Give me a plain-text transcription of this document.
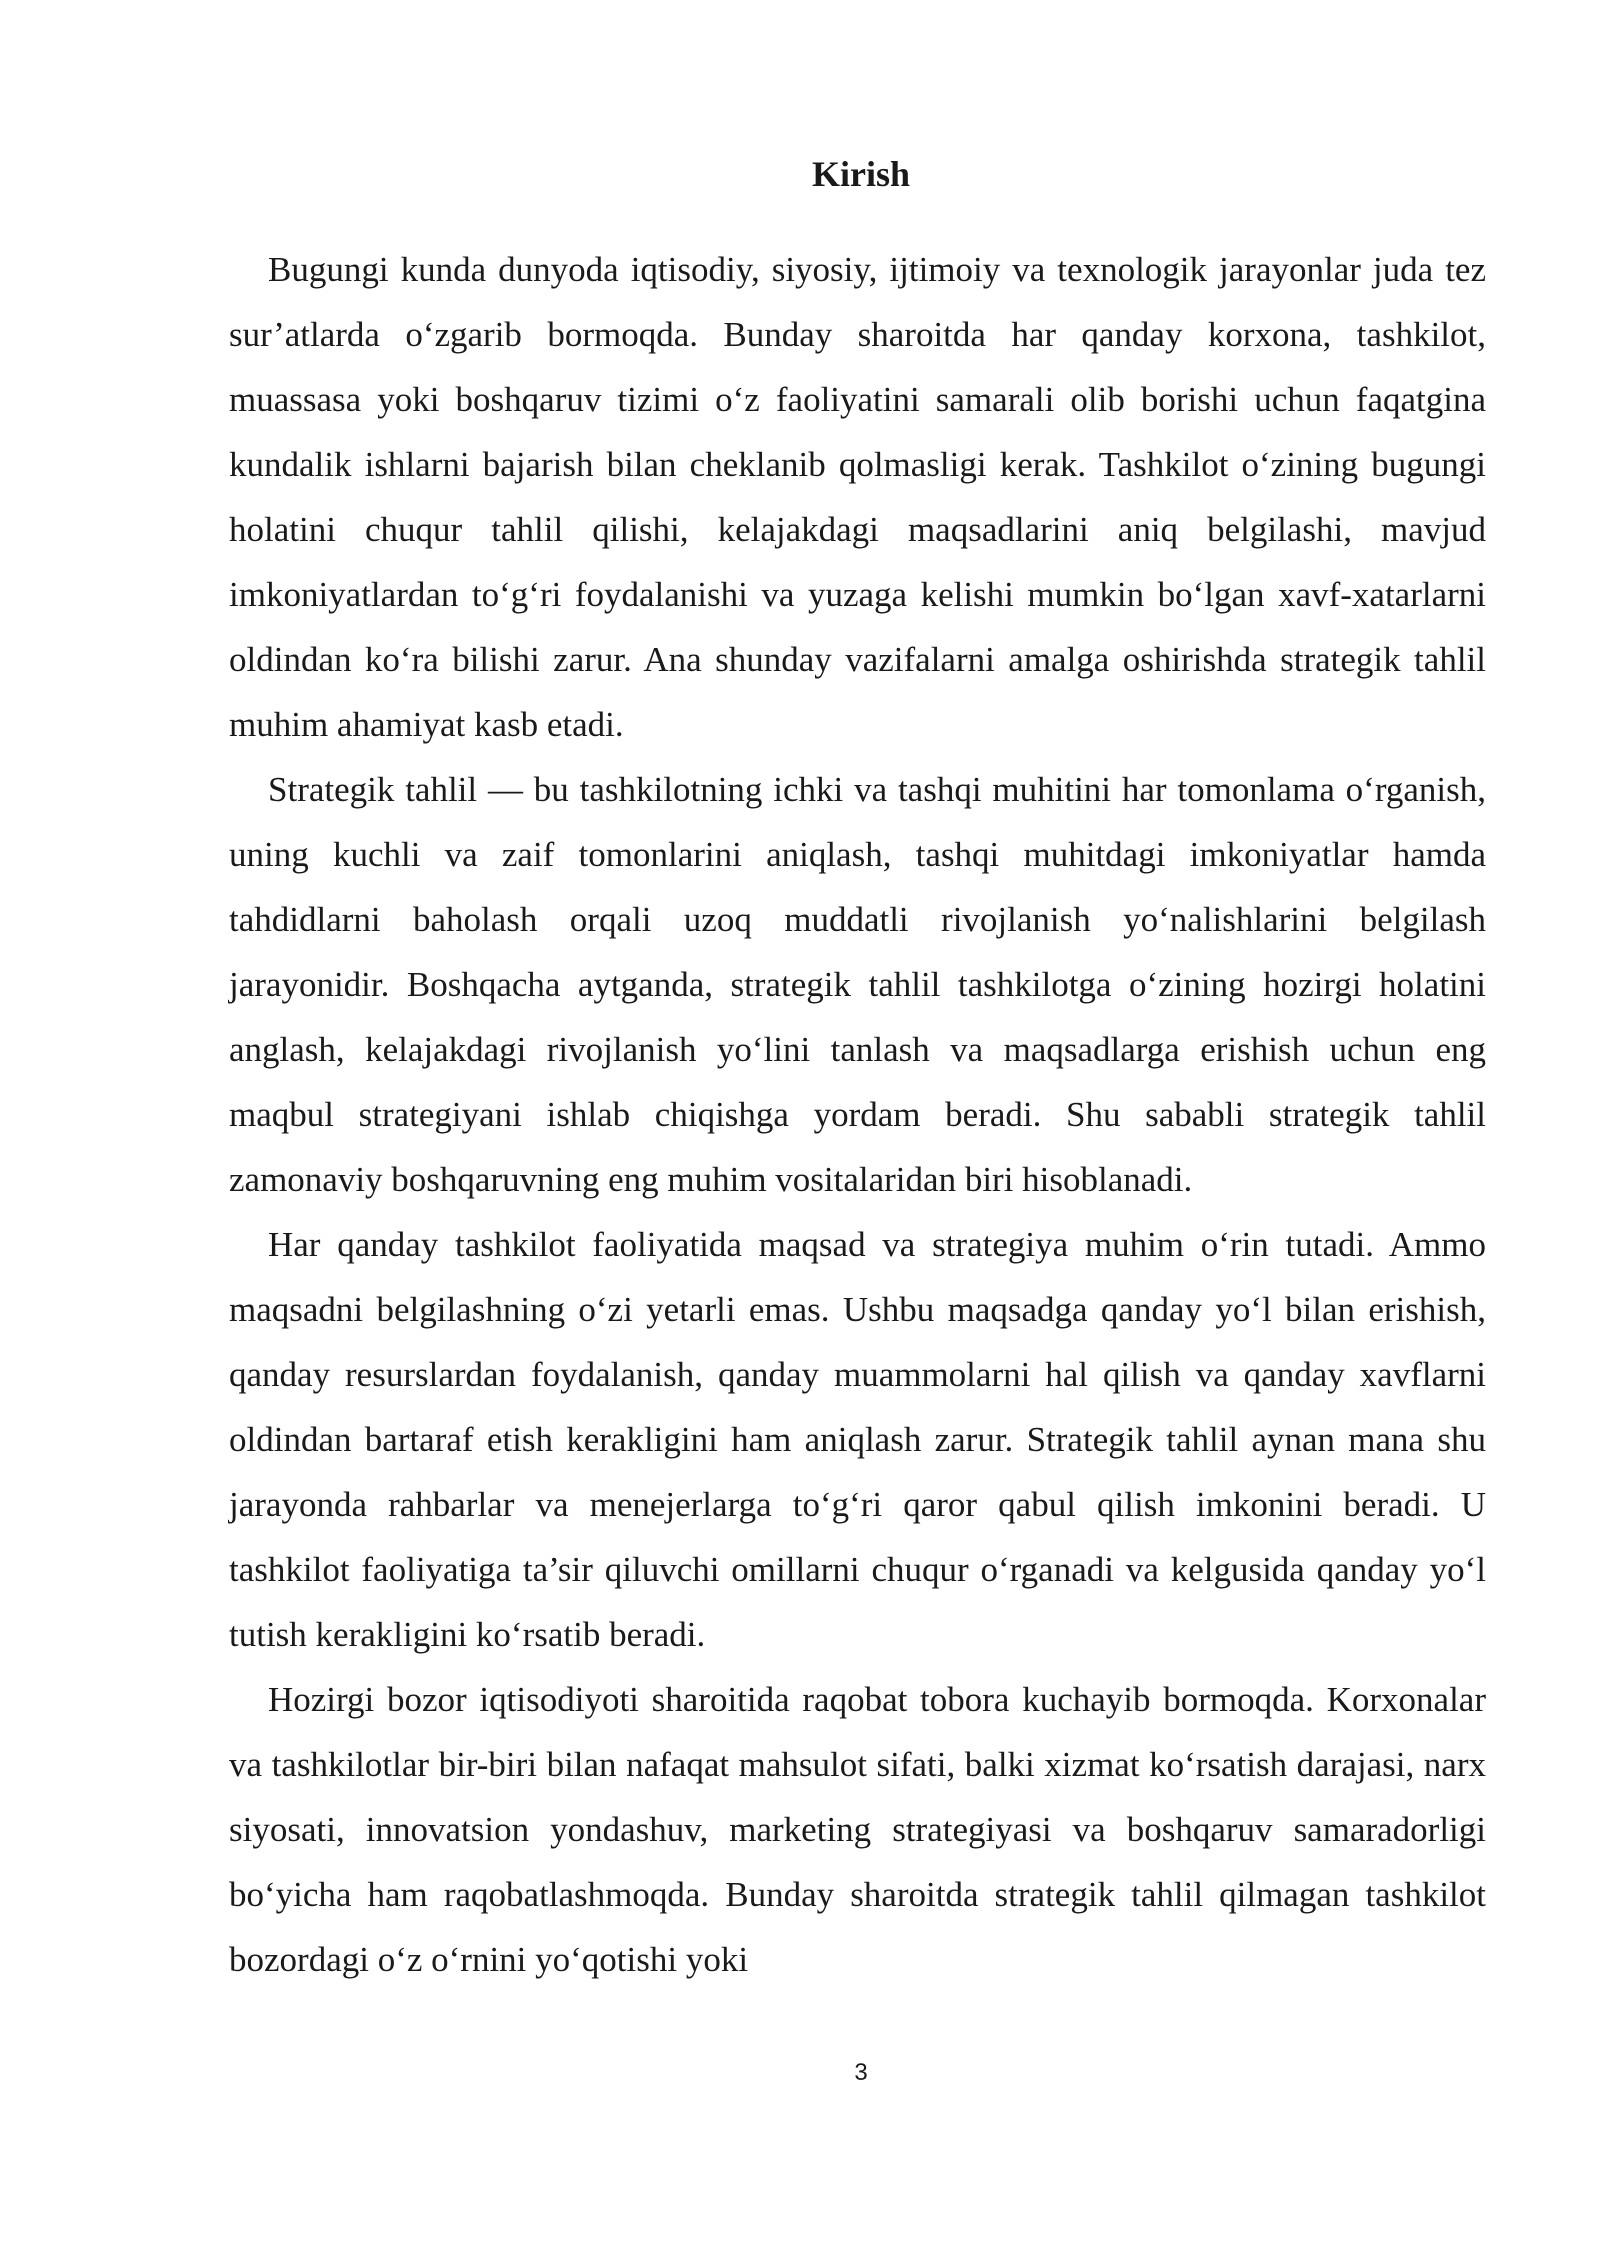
Kirish

Bugungi kunda dunyoda iqtisodiy, siyosiy, ijtimoiy va texnologik jarayonlar juda tez sur’atlarda o‘zgarib bormoqda. Bunday sharoitda har qanday korxona, tashkilot, muassasa yoki boshqaruv tizimi o‘z faoliyatini samarali olib borishi uchun faqatgina kundalik ishlarni bajarish bilan cheklanib qolmasligi kerak. Tashkilot o‘zining bugungi holatini chuqur tahlil qilishi, kelajakdagi maqsadlarini aniq belgilashi, mavjud imkoniyatlardan to‘g‘ri foydalanishi va yuzaga kelishi mumkin bo‘lgan xavf-xatarlarni oldindan ko‘ra bilishi zarur. Ana shunday vazifalarni amalga oshirishda strategik tahlil muhim ahamiyat kasb etadi.

Strategik tahlil — bu tashkilotning ichki va tashqi muhitini har tomonlama o‘rganish, uning kuchli va zaif tomonlarini aniqlash, tashqi muhitdagi imkoniyatlar hamda tahdidlarni baholash orqali uzoq muddatli rivojlanish yo‘nalishlarini belgilash jarayonidir. Boshqacha aytganda, strategik tahlil tashkilotga o‘zining hozirgi holatini anglash, kelajakdagi rivojlanish yo‘lini tanlash va maqsadlarga erishish uchun eng maqbul strategiyani ishlab chiqishga yordam beradi. Shu sababli strategik tahlil zamonaviy boshqaruvning eng muhim vositalaridan biri hisoblanadi.

Har qanday tashkilot faoliyatida maqsad va strategiya muhim o‘rin tutadi. Ammo maqsadni belgilashning o‘zi yetarli emas. Ushbu maqsadga qanday yo‘l bilan erishish, qanday resurslardan foydalanish, qanday muammolarni hal qilish va qanday xavflarni oldindan bartaraf etish kerakligini ham aniqlash zarur. Strategik tahlil aynan mana shu jarayonda rahbarlar va menejerlarga to‘g‘ri qaror qabul qilish imkonini beradi. U tashkilot faoliyatiga ta’sir qiluvchi omillarni chuqur o‘rganadi va kelgusida qanday yo‘l tutish kerakligini ko‘rsatib beradi.

Hozirgi bozor iqtisodiyoti sharoitida raqobat tobora kuchayib bormoqda. Korxonalar va tashkilotlar bir-biri bilan nafaqat mahsulot sifati, balki xizmat ko‘rsatish darajasi, narx siyosati, innovatsion yondashuv, marketing strategiyasi va boshqaruv samaradorligi bo‘yicha ham raqobatlashmoqda. Bunday sharoitda strategik tahlil qilmagan tashkilot bozordagi o‘z o‘rnini yo‘qotishi yoki

3
